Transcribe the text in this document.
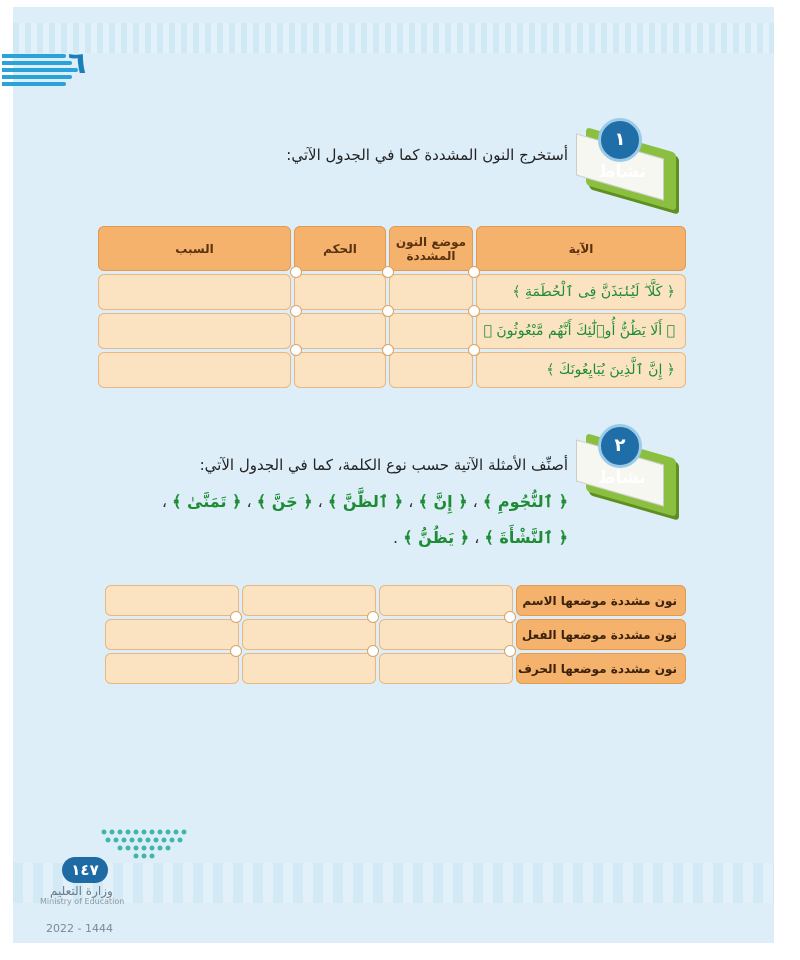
٦
نشاط
١
أستخرج النون المشددة كما في الجدول الآتي:
الآية
موضع النون المشددة
الحكم
السبب
﴿ كَلَّا ۖ لَيُنۢبَذَنَّ فِى ٱلْحُطَمَةِ ﴾
﴿ أَلَا يَظُنُّ أُو۟لَٰٓئِكَ أَنَّهُم مَّبْعُوثُونَ ﴾
﴿ إِنَّ ٱلَّذِينَ يُبَايِعُونَكَ ﴾
نشاط
٢
أصنِّف الأمثلة الآتية حسب نوع الكلمة، كما في الجدول الآتي:
﴿ ٱلنُّجُومِ ﴾ ، ﴿ إِنَّ ﴾ ، ﴿ ٱلظَّنَّ ﴾ ، ﴿ جَنَّ ﴾ ، ﴿ تَمَنَّىٰ ﴾ ،
﴿ ٱلنَّشْأَةَ ﴾ ، ﴿ يَظُنُّ ﴾ .
نون مشددة موضعها الاسم
نون مشددة موضعها الفعل
نون مشددة موضعها الحرف
١٤٧
وزارة التعليم
Ministry of Education
2022 - 1444
